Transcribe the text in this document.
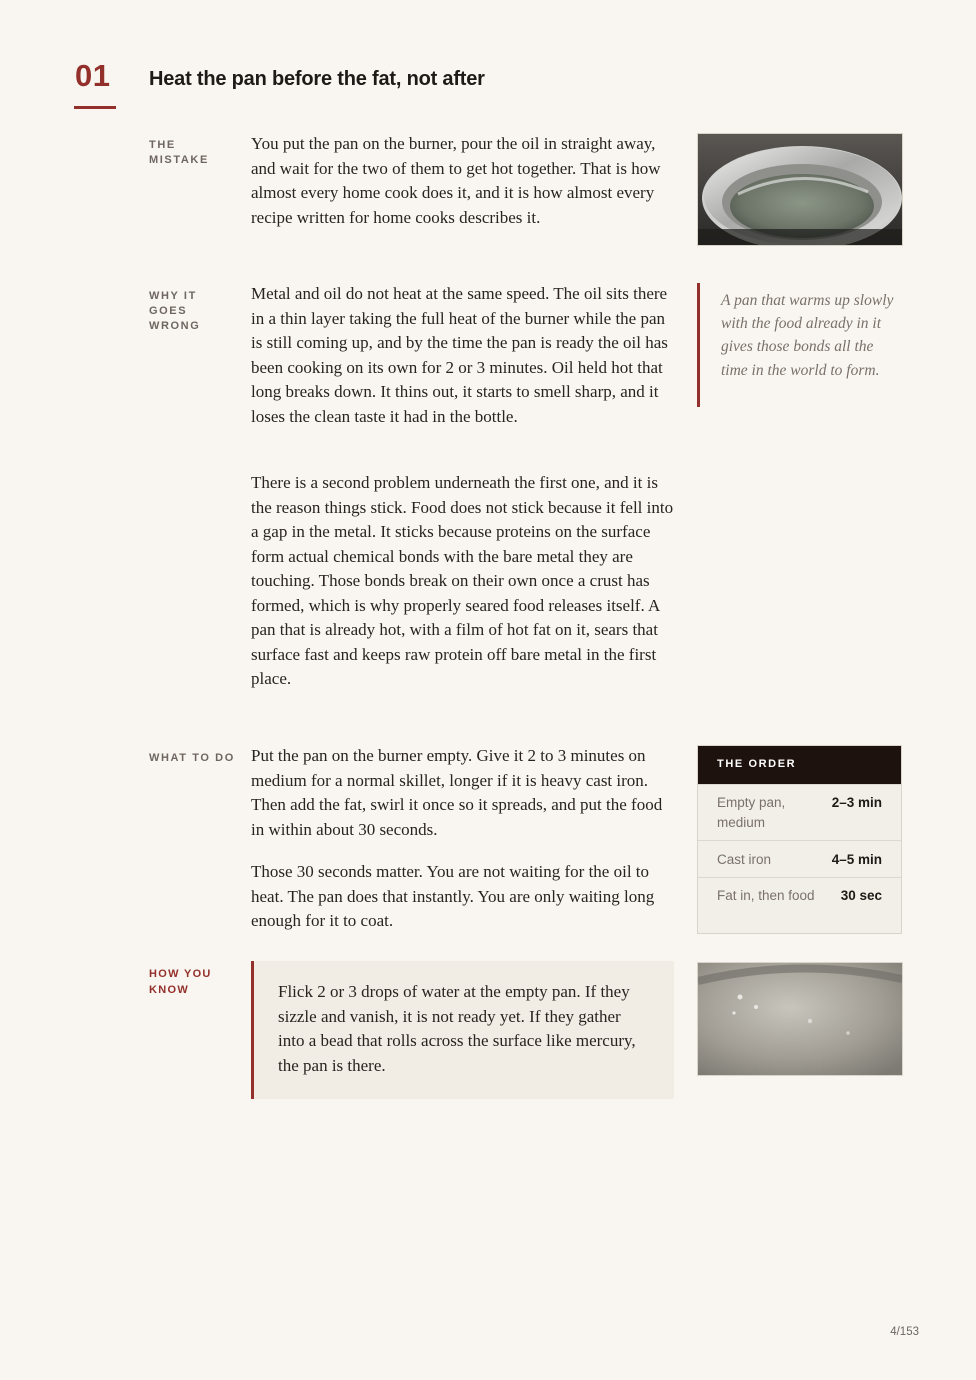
01 Heat the pan before the fat, not after
THE MISTAKE

You put the pan on the burner, pour the oil in straight away, and wait for the two of them to get hot together. That is how almost every home cook does it, and it is how almost every recipe written for home cooks describes it.

WHY IT GOES WRONG

Metal and oil do not heat at the same speed. The oil sits there in a thin layer taking the full heat of the burner while the pan is still coming up, and by the time the pan is ready the oil has been cooking on its own for 2 or 3 minutes. Oil held hot that long breaks down. It thins out, it starts to smell sharp, and it loses the clean taste it had in the bottle.

There is a second problem underneath the first one, and it is the reason things stick. Food does not stick because it fell into a gap in the metal. It sticks because proteins on the surface form actual chemical bonds with the bare metal they are touching. Those bonds break on their own once a crust has formed, which is why properly seared food releases itself. A pan that is already hot, with a film of hot fat on it, sears that surface fast and keeps raw protein off bare metal in the first place.

A pan that warms up slowly with the food already in it gives those bonds all the time in the world to form.

WHAT TO DO Put the pan on the burner empty. Give it 2 to 3 minutes on medium for a normal skillet, longer if it is heavy cast iron. Then add the fat, swirl it once so it spreads, and put the food in within about 30 seconds.

Those 30 seconds matter. You are not waiting for the oil to heat. The pan does that instantly. You are only waiting long enough for it to coat.

THE ORDER
Empty pan, medium
2–3 min
Cast iron	4–5 min
Fat in, then food 30 sec
HOW YOU KNOW	Flick 2 or 3 drops of water at the empty pan. If they sizzle and vanish, it is not ready yet. If they gather into a bead that rolls across the surface like mercury, the pan is there.

4/153
